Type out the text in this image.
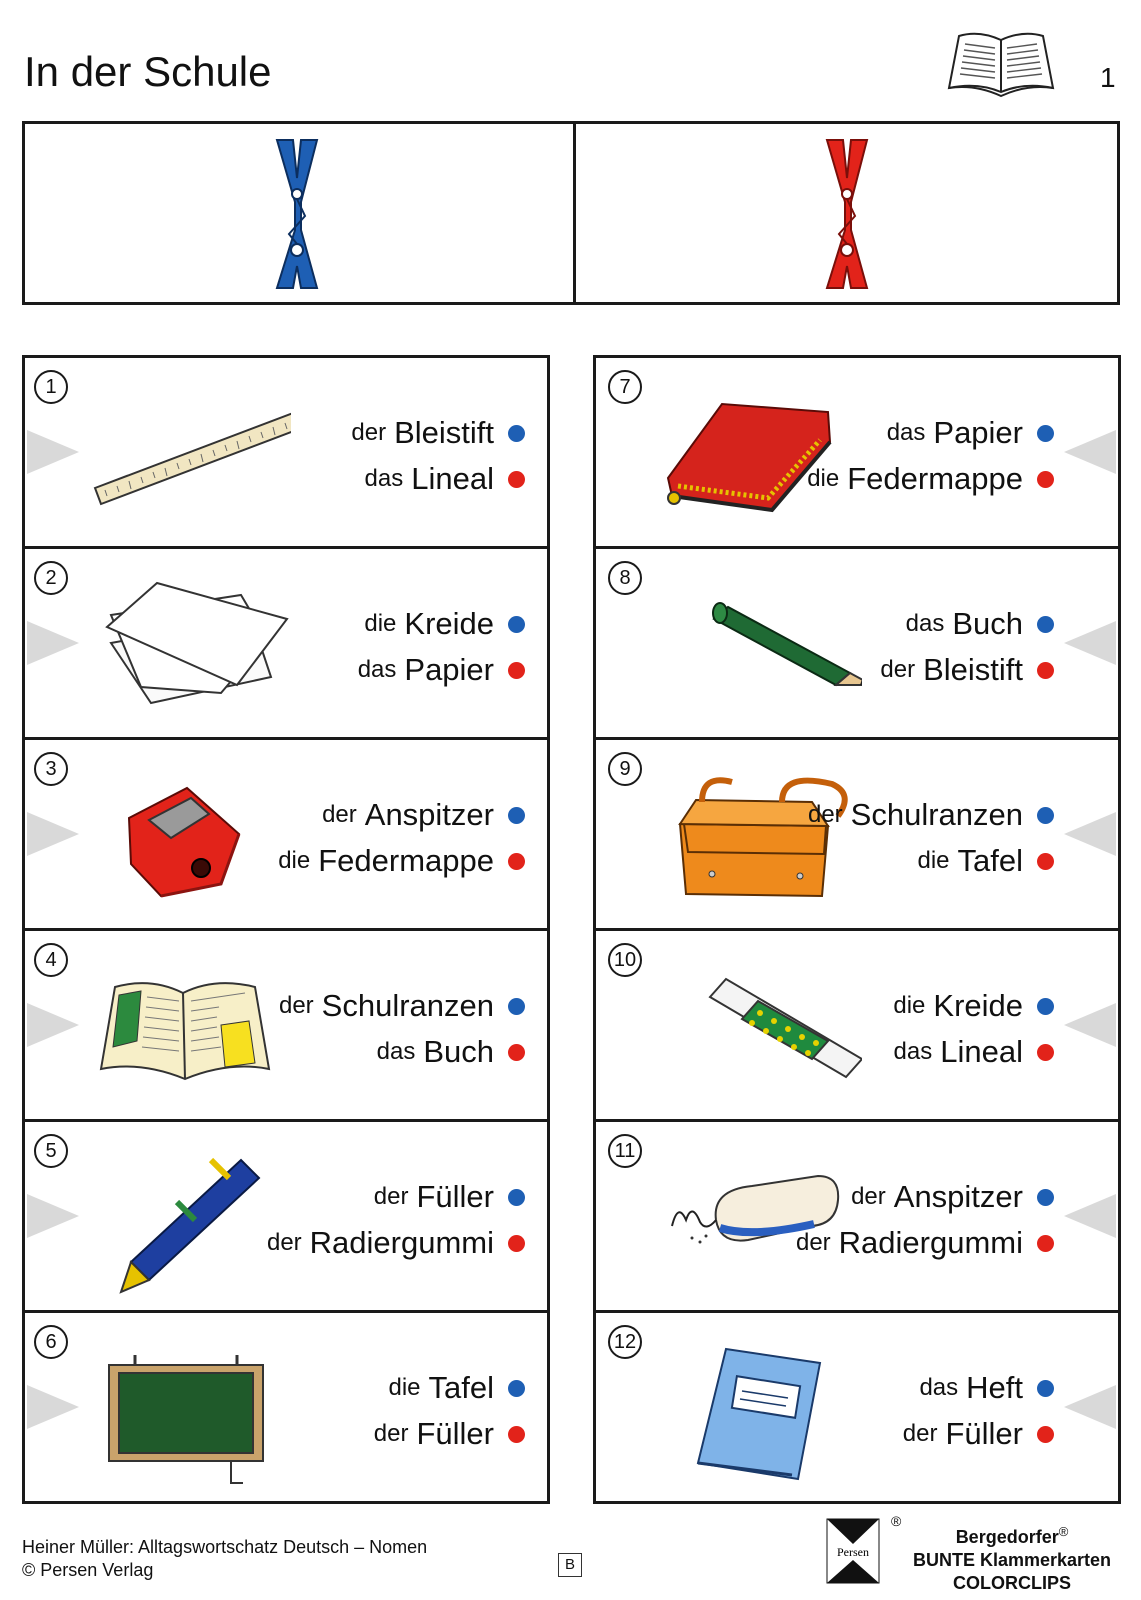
In der Schule	1
1
der Bleistift
das Lineal
2
die Kreide
das Papier
3
der Anspitzer
die Federmappe
4
der Schulranzen
das Buch
5
der Füller
der Radiergummi
6
die Tafel
der Füller
7
das Papier
die Federmappe
8
das Buch
der Bleistift
9
der Schulranzen
die Tafel
10
die Kreide
das Lineal
11
der Anspitzer
der Radiergummi
12
das Heft
der Füller
Heiner Müller: Alltagswortschatz Deutsch – Nomen
© Persen Verlag	B
Persen
®
Bergedorfer®
BUNTE Klammerkarten
COLORCLIPS
